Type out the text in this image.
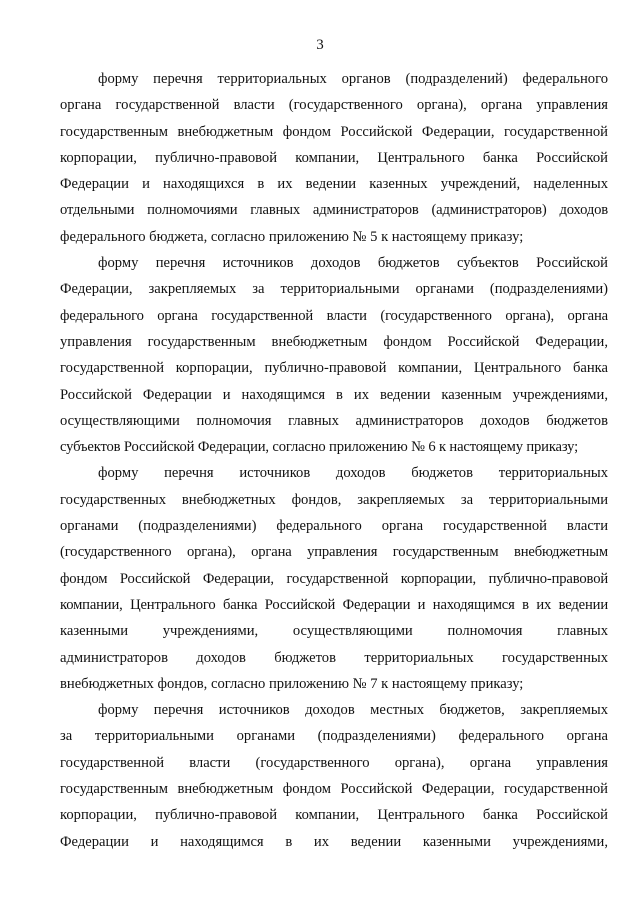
3
форму перечня территориальных органов (подразделений) федерального
органа государственной власти (государственного органа), органа управления
государственным внебюджетным фондом Российской Федерации, государственной
корпорации, публично-правовой компании, Центрального банка Российской
Федерации и находящихся в их ведении казенных учреждений, наделенных
отдельными полномочиями главных администраторов (администраторов) доходов
федерального бюджета, согласно приложению № 5 к настоящему приказу;
форму перечня источников доходов бюджетов субъектов Российской
Федерации, закрепляемых за территориальными органами (подразделениями)
федерального органа государственной власти (государственного органа), органа
управления государственным внебюджетным фондом Российской Федерации,
государственной корпорации, публично-правовой компании, Центрального банка
Российской Федерации и находящимся в их ведении казенным учреждениями,
осуществляющими полномочия главных администраторов доходов бюджетов
субъектов Российской Федерации, согласно приложению № 6 к настоящему приказу;
форму перечня источников доходов бюджетов территориальных
государственных внебюджетных фондов, закрепляемых за территориальными
органами (подразделениями) федерального органа государственной власти
(государственного органа), органа управления государственным внебюджетным
фондом Российской Федерации, государственной корпорации, публично-правовой
компании, Центрального банка Российской Федерации и находящимся в их ведении
казенными учреждениями, осуществляющими полномочия главных
администраторов доходов бюджетов территориальных государственных
внебюджетных фондов, согласно приложению № 7 к настоящему приказу;
форму перечня источников доходов местных бюджетов, закрепляемых
за территориальными органами (подразделениями) федерального органа
государственной власти (государственного органа), органа управления
государственным внебюджетным фондом Российской Федерации, государственной
корпорации, публично-правовой компании, Центрального банка Российской
Федерации и находящимся в их ведении казенными учреждениями,
